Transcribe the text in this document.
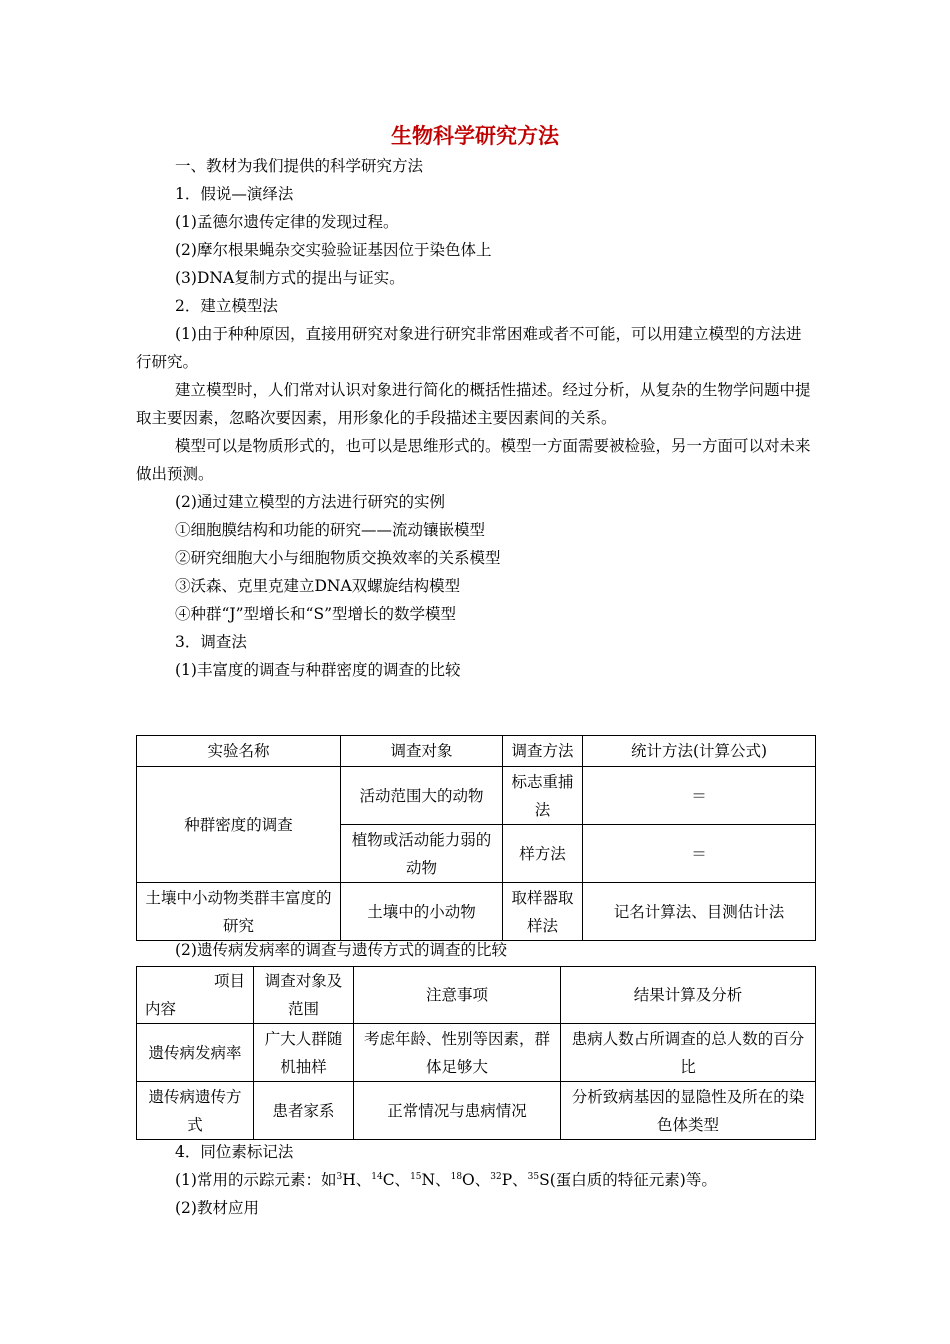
生物科学研究方法

一、教材为我们提供的科学研究方法

1．假说—演绎法

(1)孟德尔遗传定律的发现过程。

(2)摩尔根果蝇杂交实验验证基因位于染色体上

(3)DNA复制方式的提出与证实。

2．建立模型法

(1)由于种种原因，直接用研究对象进行研究非常困难或者不可能，可以用建立模型的方法进行研究。

建立模型时，人们常对认识对象进行简化的概括性描述。经过分析，从复杂的生物学问题中提取主要因素，忽略次要因素，用形象化的手段描述主要因素间的关系。

模型可以是物质形式的，也可以是思维形式的。模型一方面需要被检验，另一方面可以对未来做出预测。

(2)通过建立模型的方法进行研究的实例

①细胞膜结构和功能的研究——流动镶嵌模型

②研究细胞大小与细胞物质交换效率的关系模型

③沃森、克里克建立DNA双螺旋结构模型

④种群“J”型增长和“S”型增长的数学模型

3．调查法

(1)丰富度的调查与种群密度的调查的比较

实验名称	调查对象	调查方法	统计方法(计算公式)
种群密度的调查	活动范围大的动物	标志重捕法	＝
	植物或活动能力弱的动物	样方法	＝
土壤中小动物类群丰富度的研究	土壤中的小动物	取样器取样法	记名计算法、目测估计法

(2)遗传病发病率的调查与遗传方式的调查的比较

项目
内容	调查对象及范围	注意事项	结果计算及分析
遗传病发病率	广大人群随机抽样	考虑年龄、性别等因素，群体足够大	患病人数占所调查的总人数的百分比
遗传病遗传方式	患者家系	正常情况与患病情况	分析致病基因的显隐性及所在的染色体类型

4．同位素标记法

(1)常用的示踪元素：如$^3$H、$^{14}$C、$^{15}$N、$^{18}$O、$^{32}$P、$^{35}$S(蛋白质的特征元素)等。

(2)教材应用
